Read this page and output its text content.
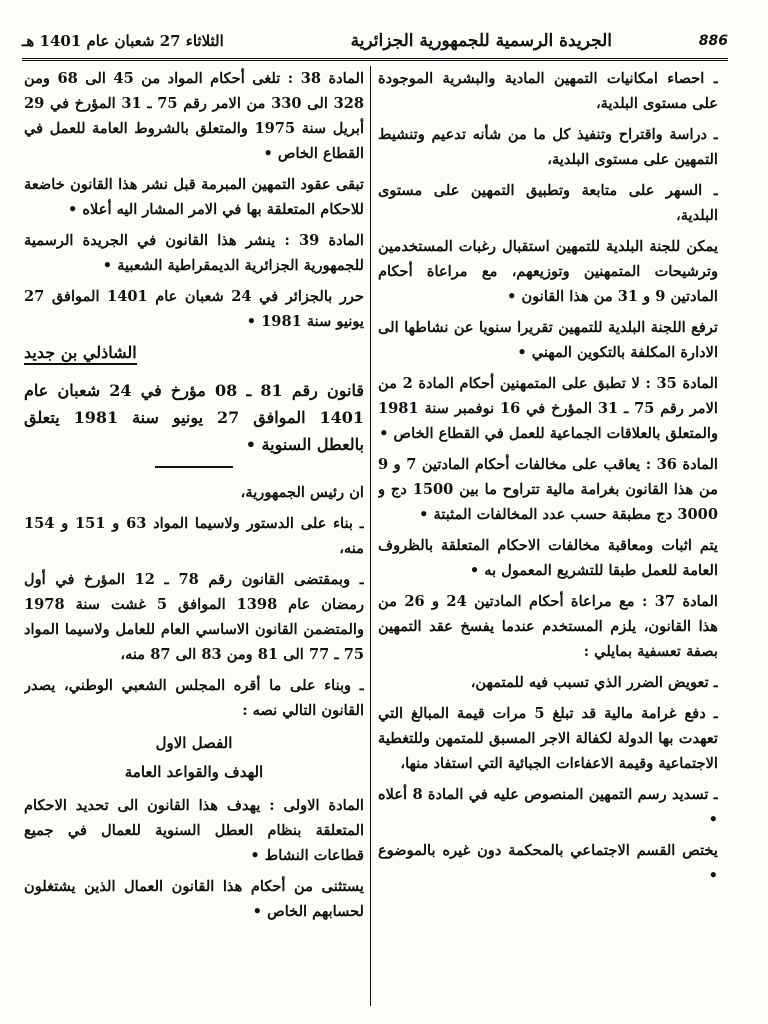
الثلاثاء 27 شعبان عام 1401 هـ	الجريدة الرسمية للجمهورية الجزائرية	886

ـ احصاء امكانيات التمهين المادية والبشرية الموجودة على مستوى البلدية،

ـ دراسة واقتراح وتنفيذ كل ما من شأنه تدعيم وتنشيط التمهين على مستوى البلدية،

ـ السهر على متابعة وتطبيق التمهين على مستوى البلدية،

يمكن للجنة البلدية للتمهين استقبال رغبات المستخدمين وترشيحات المتمهنين وتوزيعهم، مع مراعاة أحكام المادتين 9 و 31 من هذا القانون •

ترفع اللجنة البلدية للتمهين تقريرا سنويا عن نشاطها الى الادارة المكلفة بالتكوين المهني •

المادة 35 : لا تطبق على المتمهنين أحكام المادة 2 من الامر رقم 75 ـ 31 المؤرخ في 16 نوفمبر سنة 1981 والمتعلق بالعلاقات الجماعية للعمل في القطاع الخاص •

المادة 36 : يعاقب على مخالفات أحكام المادتين 7 و 9 من هذا القانون بغرامة مالية تتراوح ما بين 1500 دج و 3000 دج مطبقة حسب عدد المخالفات المثبتة •

يتم اثبات ومعاقبة مخالفات الاحكام المتعلقة بالظروف العامة للعمل طبقا للتشريع المعمول به •

المادة 37 : مع مراعاة أحكام المادتين 24 و 26 من هذا القانون، يلزم المستخدم عندما يفسخ عقد التمهين بصفة تعسفية بمايلي :

ـ تعويض الضرر الذي تسبب فيه للمتمهن،

ـ دفع غرامة مالية قد تبلغ 5 مرات قيمة المبالغ التي تعهدت بها الدولة لكفالة الاجر المسبق للمتمهن وللتغطية الاجتماعية وقيمة الاعفاءات الجبائية التي استفاد منها،

ـ تسديد رسم التمهين المنصوص عليه في المادة 8 أعلاه •

يختص القسم الاجتماعي بالمحكمة دون غيره بالموضوع •

المادة 38 : تلغى أحكام المواد من 45 الى 68 ومن 328 الى 330 من الامر رقم 75 ـ 31 المؤرخ في 29 أبريل سنة 1975 والمتعلق بالشروط العامة للعمل في القطاع الخاص •

تبقى عقود التمهين المبرمة قبل نشر هذا القانون خاضعة للاحكام المتعلقة بها في الامر المشار اليه أعلاه •

المادة 39 : ينشر هذا القانون في الجريدة الرسمية للجمهورية الجزائرية الديمقراطية الشعبية •

حرر بالجزائر في 24 شعبان عام 1401 الموافق 27 يونيو سنة 1981 •

الشاذلي بن جديد
قانون رقم 81 ـ 08 مؤرخ في 24 شعبان عام 1401 الموافق 27 يونيو سنة 1981 يتعلق بالعطل السنوية •

ان رئيس الجمهورية،

ـ بناء على الدستور ولاسيما المواد 63 و 151 و 154 منه،

ـ وبمقتضى القانون رقم 78 ـ 12 المؤرخ في أول رمضان عام 1398 الموافق 5 غشت سنة 1978 والمتضمن القانون الاساسي العام للعامل ولاسيما المواد 75 ـ 77 الى 81 ومن 83 الى 87 منه،

ـ وبناء على ما أقره المجلس الشعبي الوطني، يصدر القانون التالي نصه :

الفصل الاول
الهدف والقواعد العامة

المادة الاولى : يهدف هذا القانون الى تحديد الاحكام المتعلقة بنظام العطل السنوية للعمال في جميع قطاعات النشاط •

يستثنى من أحكام هذا القانون العمال الذين يشتغلون لحسابهم الخاص •
